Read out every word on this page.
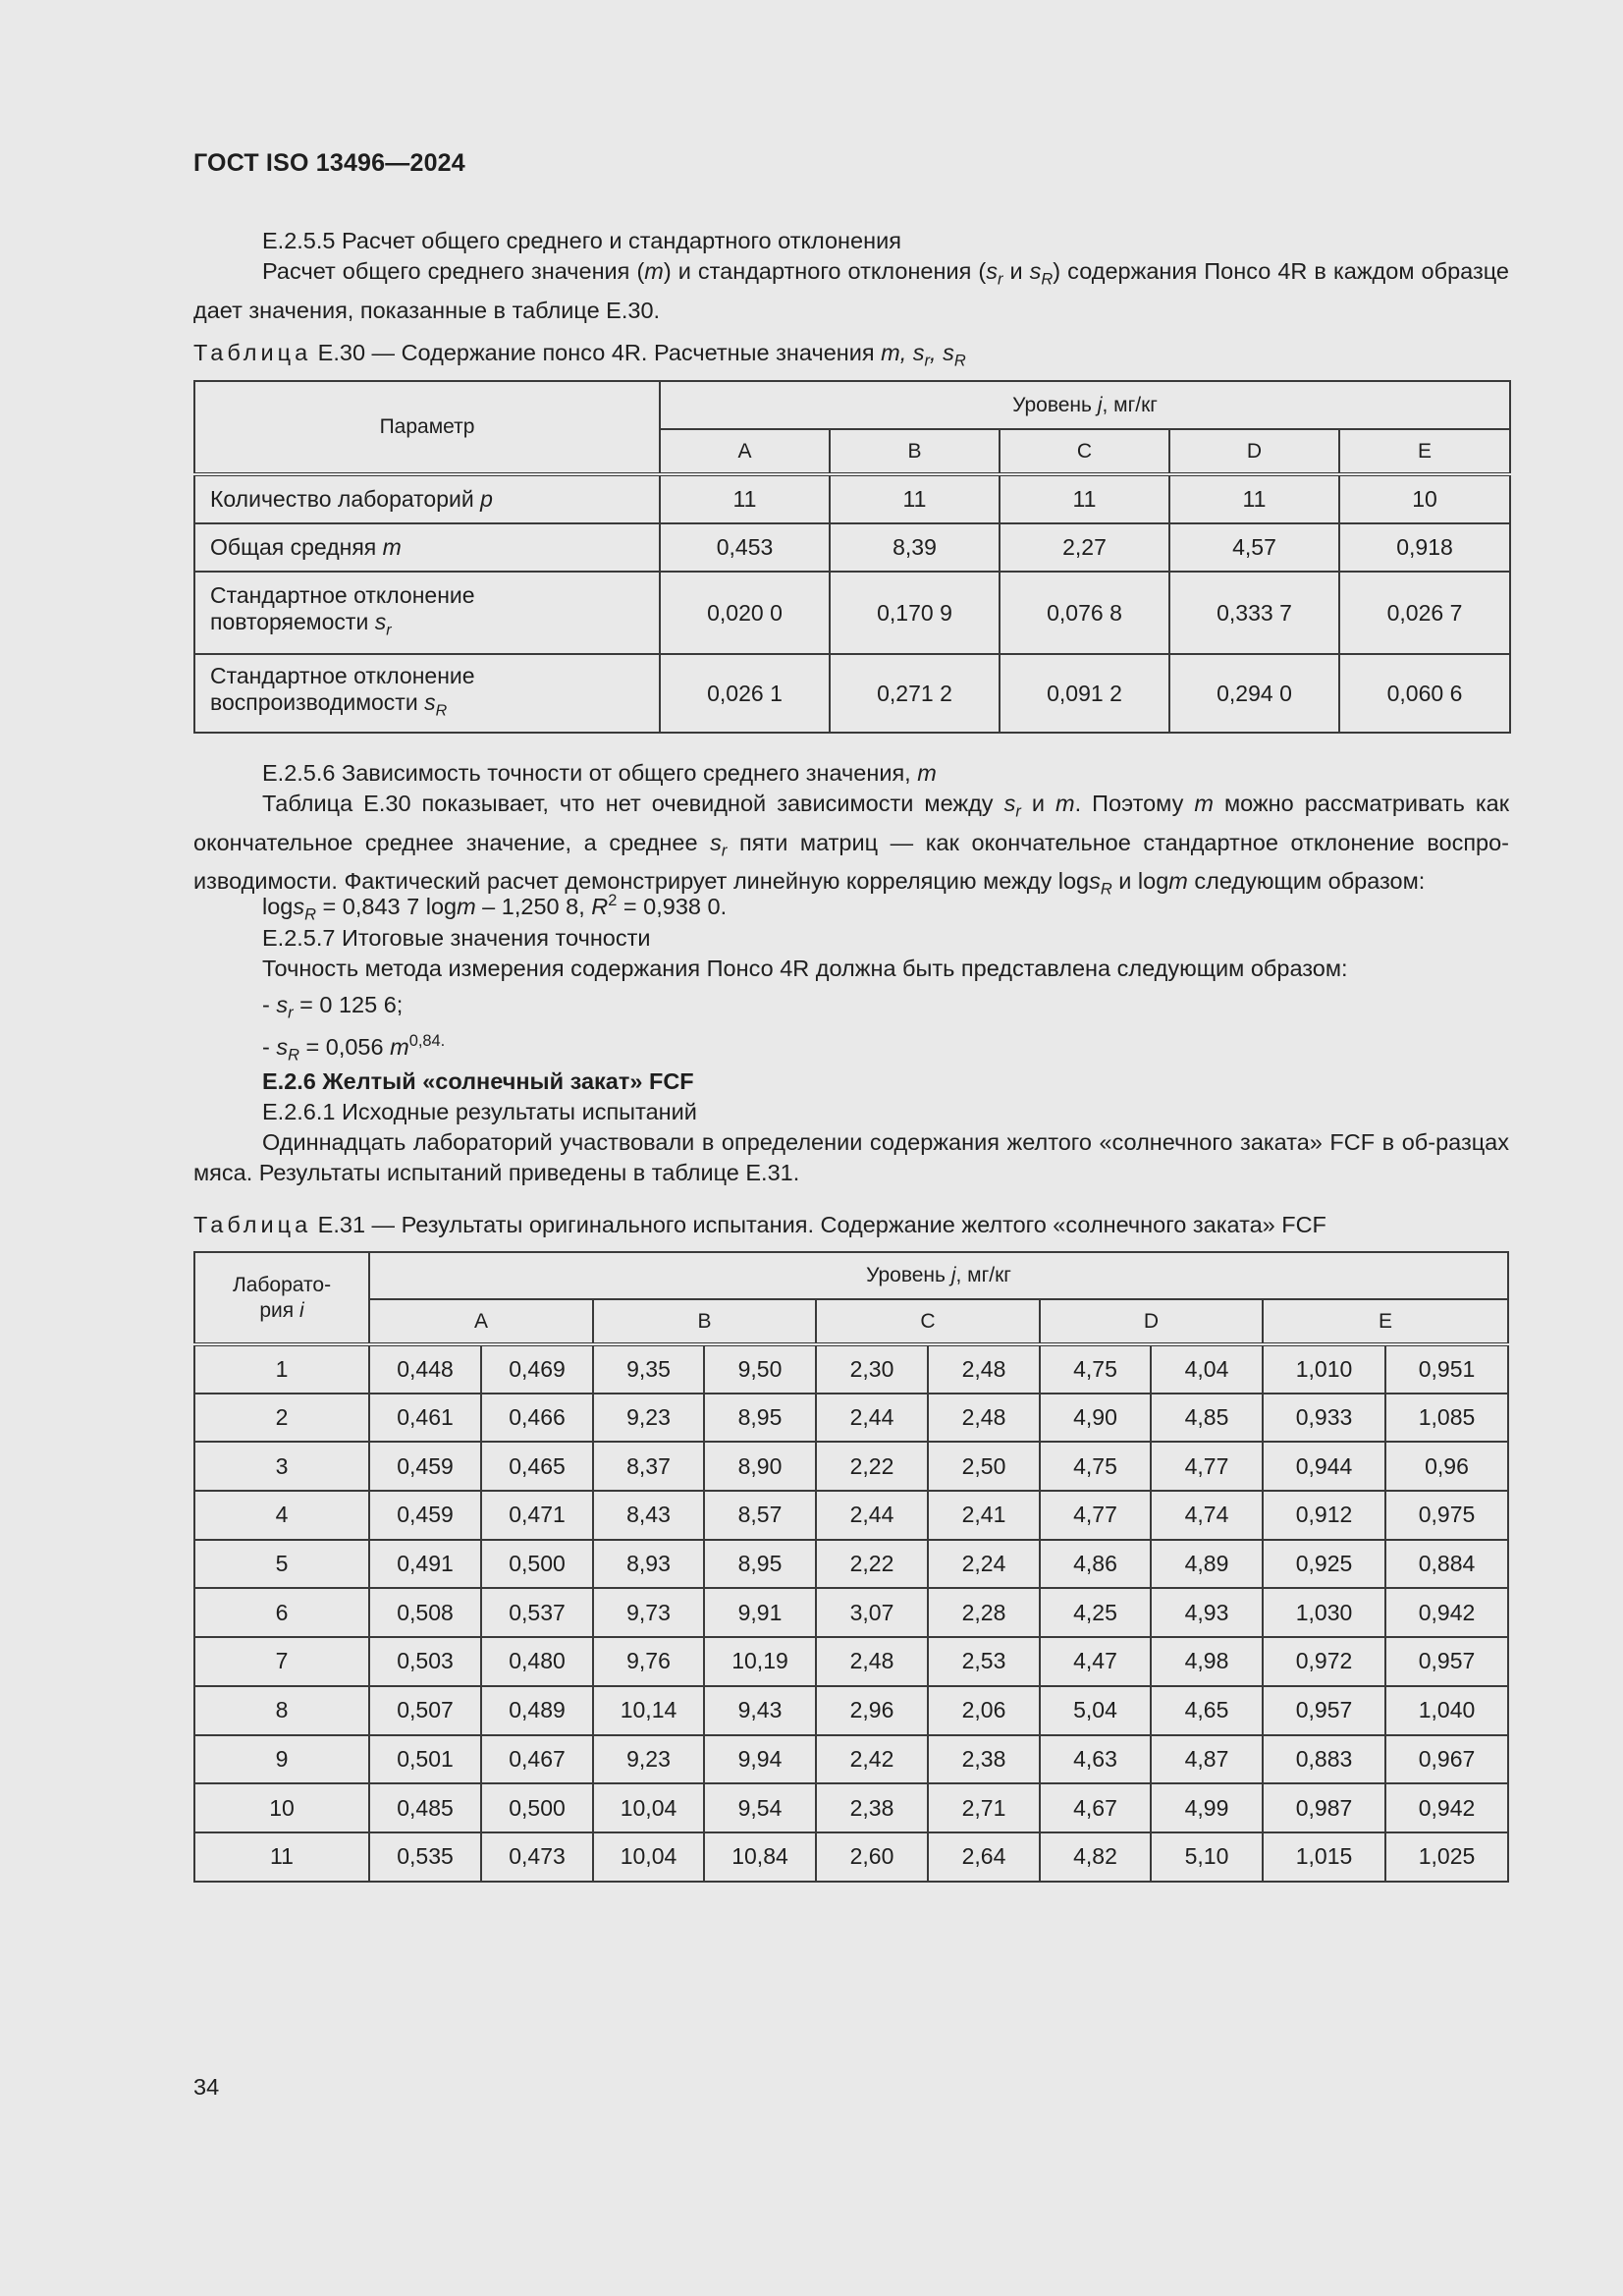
ГОСТ ISO 13496—2024
Е.2.5.5 Расчет общего среднего и стандартного отклонения
Расчет общего среднего значения (m) и стандартного отклонения ($s_r$ и $s_R$) содержания Понсо 4R в каждом образце дает значения, показанные в таблице Е.30.
Таблица Е.30 — Содержание понсо 4R. Расчетные значения m, $s_r$, $s_R$
Параметр	Уровень j, мг/кг				
	A	B	C	D	E
Количество лабораторий p	11	11	11	11	10
Общая средняя m	0,453	8,39	2,27	4,57	0,918
Стандартное отклонение
повторяемости $s_r$	0,020 0	0,170 9	0,076 8	0,333 7	0,026 7
Стандартное отклонение
воспроизводимости $s_R$	0,026 1	0,271 2	0,091 2	0,294 0	0,060 6
Е.2.5.6 Зависимость точности от общего среднего значения, m
Таблица Е.30 показывает, что нет очевидной зависимости между $s_r$ и m. Поэтому m можно рассматривать как окончательное среднее значение, а среднее $s_r$ пяти матриц — как окончательное стандартное отклонение воспро-изводимости. Фактический расчет демонстрирует линейную корреляцию между logs$_R$ и logm следующим образом:
logs$_R$ = 0,843 7 logm – 1,250 8, $R^2 = 0,938$ 0.
Е.2.5.7 Итоговые значения точности
Точность метода измерения содержания Понсо 4R должна быть представлена следующим образом:
- $s_r = 0$ 125 6;
- $s_R = 0,056$ $m^{0,84.}$
Е.2.6 Желтый «солнечный закат» FCF
Е.2.6.1 Исходные результаты испытаний
Одиннадцать лабораторий участвовали в определении содержания желтого «солнечного заката» FCF в об-разцах мяса. Результаты испытаний приведены в таблице Е.31.
Таблица Е.31 — Результаты оригинального испытания. Содержание желтого «солнечного заката» FCF
Лаборато-
рия i	Уровень j, мг/кг									
	A		B		C		D		E	
1	0,448	0,469	9,35	9,50	2,30	2,48	4,75	4,04	1,010	0,951
2	0,461	0,466	9,23	8,95	2,44	2,48	4,90	4,85	0,933	1,085
3	0,459	0,465	8,37	8,90	2,22	2,50	4,75	4,77	0,944	0,96
4	0,459	0,471	8,43	8,57	2,44	2,41	4,77	4,74	0,912	0,975
5	0,491	0,500	8,93	8,95	2,22	2,24	4,86	4,89	0,925	0,884
6	0,508	0,537	9,73	9,91	3,07	2,28	4,25	4,93	1,030	0,942
7	0,503	0,480	9,76	10,19	2,48	2,53	4,47	4,98	0,972	0,957
8	0,507	0,489	10,14	9,43	2,96	2,06	5,04	4,65	0,957	1,040
9	0,501	0,467	9,23	9,94	2,42	2,38	4,63	4,87	0,883	0,967
10	0,485	0,500	10,04	9,54	2,38	2,71	4,67	4,99	0,987	0,942
11	0,535	0,473	10,04	10,84	2,60	2,64	4,82	5,10	1,015	1,025
34
